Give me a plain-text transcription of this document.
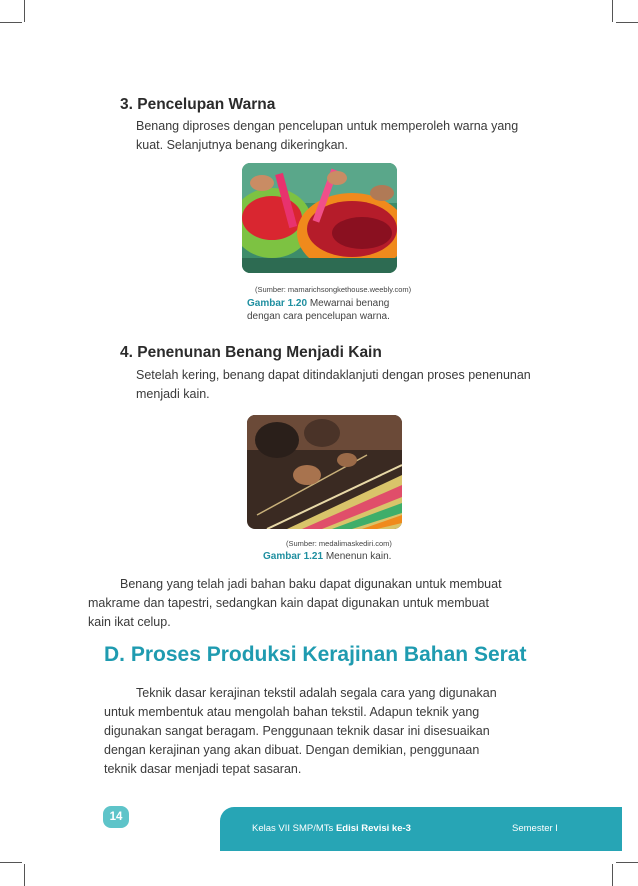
3. Pencelupan Warna

Benang diproses dengan pencelupan untuk memperoleh warna yang
kuat. Selanjutnya benang dikeringkan.

(Sumber: mamarichsongkethouse.weebly.com)
Gambar 1.20 Mewarnai benang
dengan cara pencelupan warna.
4. Penenunan Benang Menjadi Kain

Setelah kering, benang dapat ditindaklanjuti dengan proses penenunan
menjadi kain.

(Sumber: medalimaskediri.com)
Gambar 1.21 Menenun kain.

Benang yang telah jadi bahan baku dapat digunakan untuk membuat
makrame dan tapestri, sedangkan kain dapat digunakan untuk membuat
kain ikat celup.

D. Proses Produksi Kerajinan Bahan Serat

Teknik dasar kerajinan tekstil adalah segala cara yang digunakan
untuk membentuk atau mengolah bahan tekstil. Adapun teknik yang
digunakan sangat beragam. Penggunaan teknik dasar ini disesuaikan
dengan kerajinan yang akan dibuat. Dengan demikian, penggunaan
teknik dasar menjadi tepat sasaran.

14
Kelas VII SMP/MTs Edisi Revisi ke-3	Semester I
